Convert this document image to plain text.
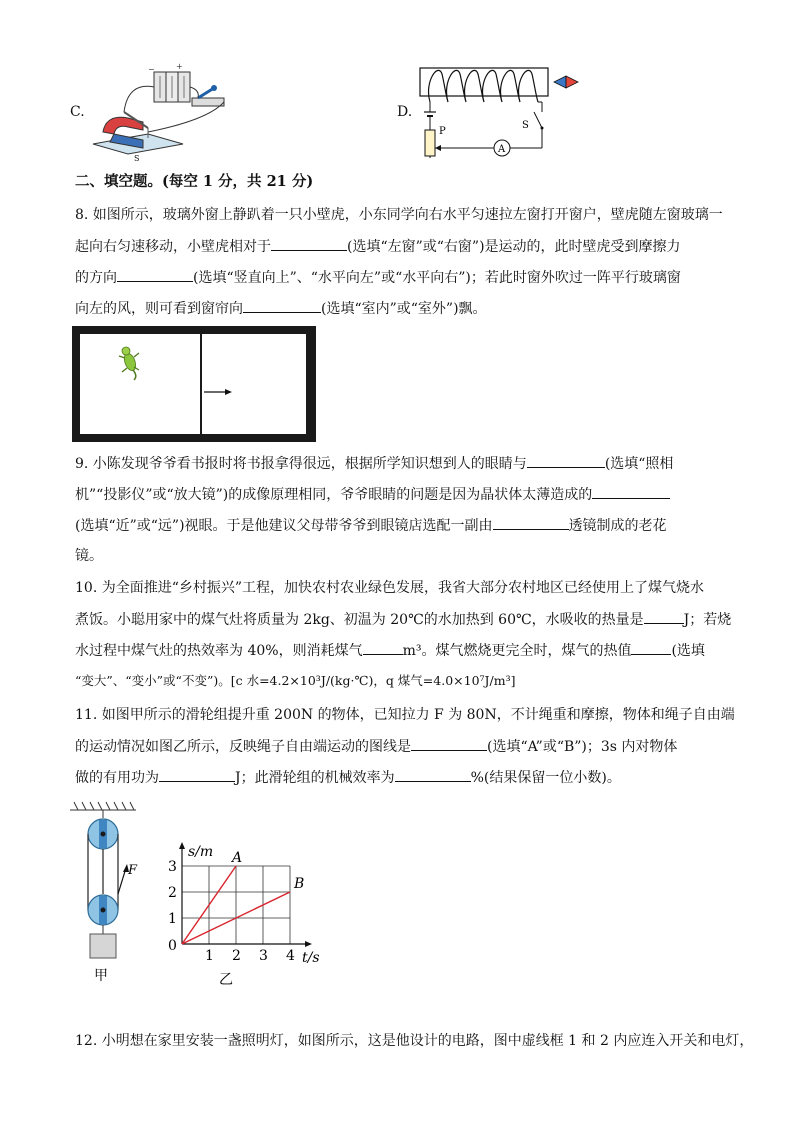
C.
−	+
S
D.
P
A
S
二、填空题。(每空 1 分，共 21 分)
8. 如图所示，玻璃外窗上静趴着一只小壁虎，小东同学向右水平匀速拉左窗打开窗户，壁虎随左窗玻璃一
起向右匀速移动，小壁虎相对于	(选填“左窗”或“右窗”)是运动的，此时壁虎受到摩擦力
的方向	(选填“竖直向上”、“水平向左”或“水平向右”)；若此时窗外吹过一阵平行玻璃窗
向左的风，则可看到窗帘向	(选填“室内”或“室外”)飘。
9. 小陈发现爷爷看书报时将书报拿得很远，根据所学知识想到人的眼睛与	(选填“照相
机”“投影仪”或“放大镜”)的成像原理相同，爷爷眼睛的问题是因为晶状体太薄造成的
(选填“近”或“远”)视眼。于是他建议父母带爷爷到眼镜店选配一副由	透镜制成的老花
镜。
10. 为全面推进“乡村振兴”工程，加快农村农业绿色发展，我省大部分农村地区已经使用上了煤气烧水
煮饭。小聪用家中的煤气灶将质量为 2kg、初温为 20℃的水加热到 60℃，水吸收的热量是	J；若烧
水过程中煤气灶的热效率为 40%，则消耗煤气	m³。煤气燃烧更完全时，煤气的热值	(选填
“变大”、“变小”或“不变”)。[c 水=4.2×10³J/(kg·℃)，q 煤气=4.0×10⁷J/m³]
11. 如图甲所示的滑轮组提升重 200N 的物体，已知拉力 F 为 80N，不计绳重和摩擦，物体和绳子自由端
的运动情况如图乙所示，反映绳子自由端运动的图线是	(选填“A”或“B”)；3s 内对物体
做的有用功为	J；此滑轮组的机械效率为	%(结果保留一位小数)。
F
甲
1 2 3 4
0
1
2
3
t/s
s/m A
B
乙
12. 小明想在家里安装一盏照明灯，如图所示，这是他设计的电路，图中虚线框 1 和 2 内应连入开关和电灯，
